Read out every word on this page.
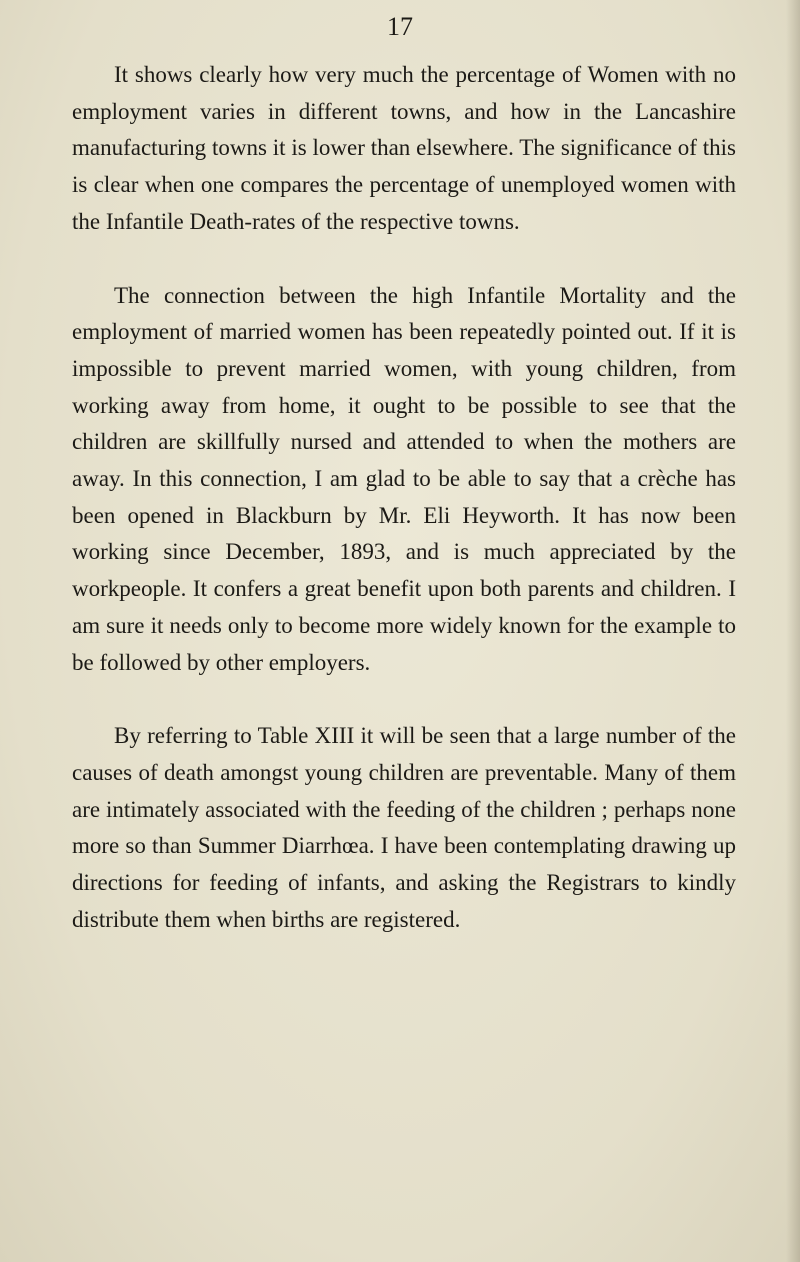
17

It shows clearly how very much the percentage of Women with no employment varies in different towns, and how in the Lancashire manufacturing towns it is lower than elsewhere. The significance of this is clear when one compares the percentage of unemployed women with the Infantile Death-rates of the respective towns.

The connection between the high Infantile Mortality and the employment of married women has been repeatedly pointed out. If it is impossible to prevent married women, with young children, from working away from home, it ought to be possible to see that the children are skillfully nursed and attended to when the mothers are away. In this connection, I am glad to be able to say that a crèche has been opened in Blackburn by Mr. Eli Heyworth. It has now been working since December, 1893, and is much appreciated by the workpeople. It confers a great benefit upon both parents and children. I am sure it needs only to become more widely known for the example to be followed by other employers.

By referring to Table XIII it will be seen that a large number of the causes of death amongst young children are preventable. Many of them are intimately associated with the feeding of the children ; perhaps none more so than Summer Diarrhœa. I have been contemplating drawing up directions for feeding of infants, and asking the Registrars to kindly distribute them when births are registered.
